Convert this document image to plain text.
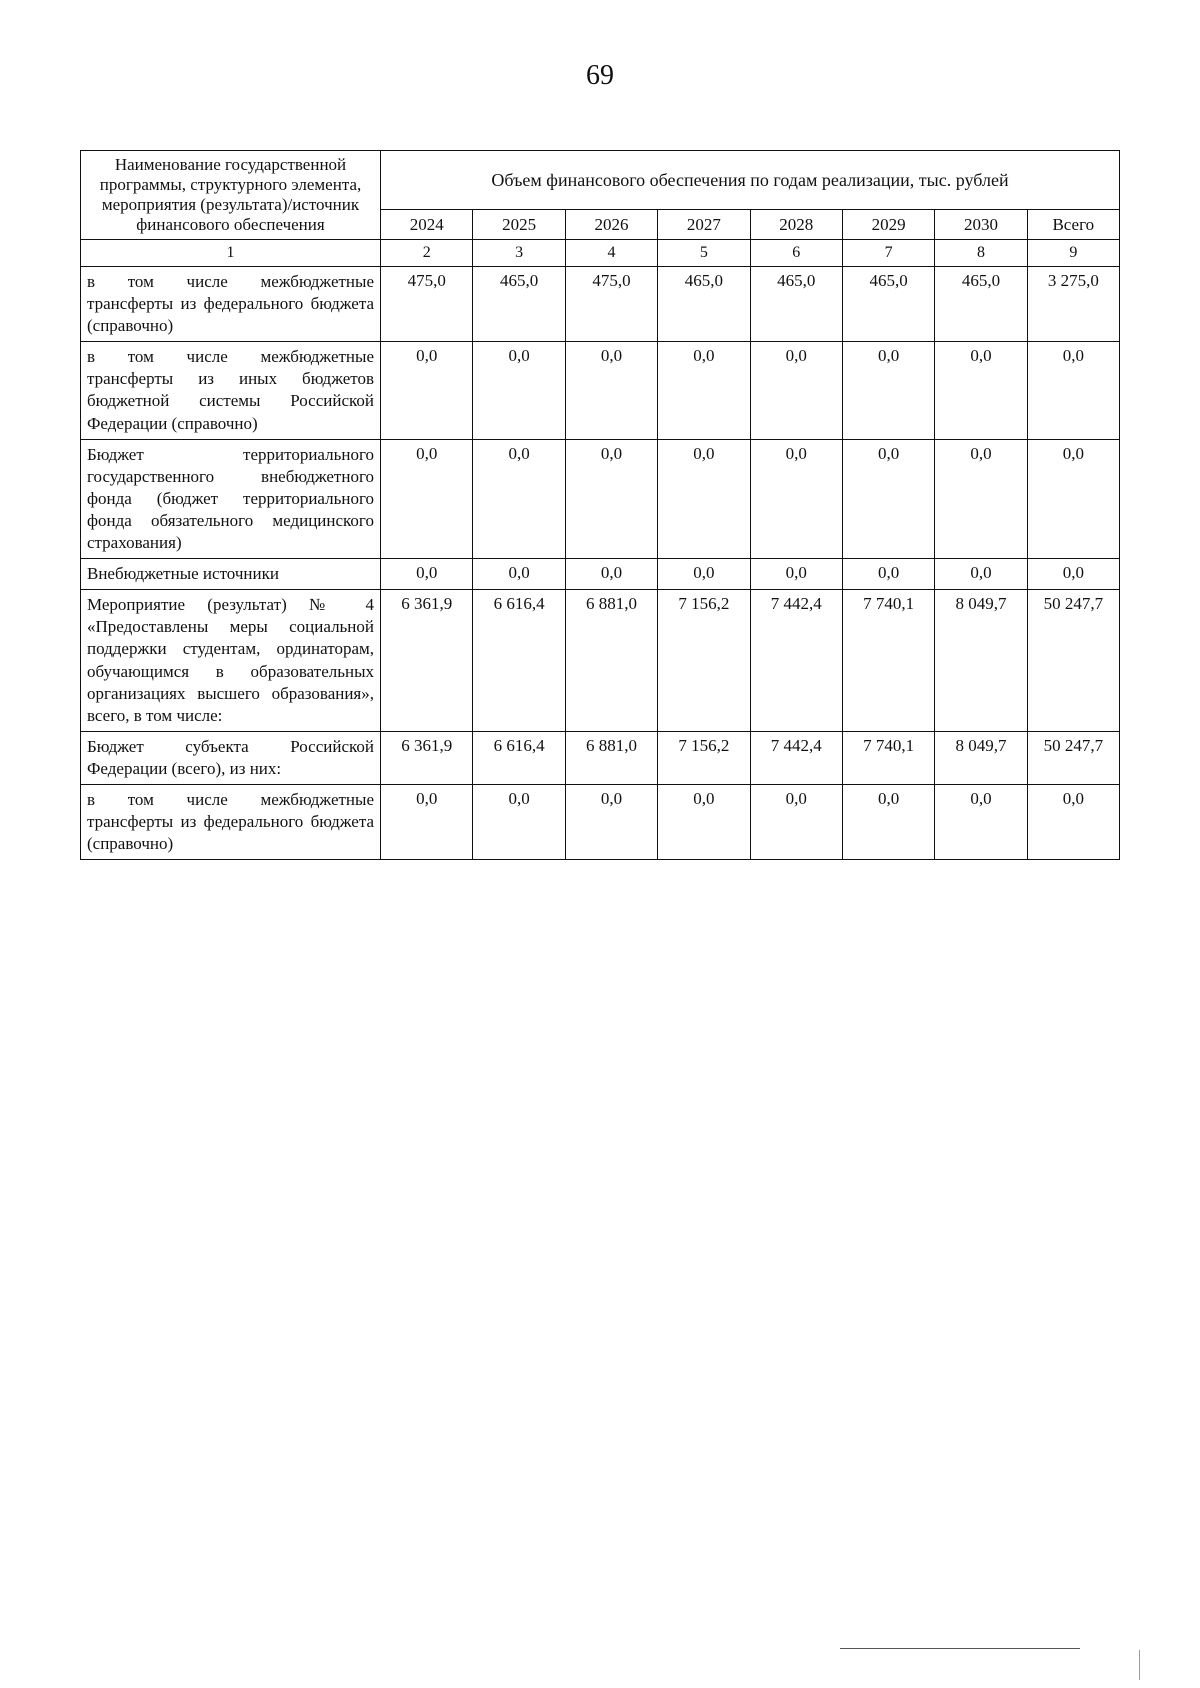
69
Наименование государственной программы, структурного элемента, мероприятия (результата)/источник финансового обеспечения	Объем финансового обеспечения по годам реализации, тыс. рублей							
	2024	2025	2026	2027	2028	2029	2030	Всего
1	2	3	4	5	6	7	8	9
в том числе межбюджетные трансферты из федерального бюджета (справочно)	475,0	465,0	475,0	465,0	465,0	465,0	465,0	3 275,0
в том числе межбюджетные трансферты из иных бюджетов бюджетной системы Российской Федерации (справочно)	0,0	0,0	0,0	0,0	0,0	0,0	0,0	0,0
Бюджет территориального государственного внебюджетного фонда (бюджет территориального фонда обязательного медицинского страхования)	0,0	0,0	0,0	0,0	0,0	0,0	0,0	0,0
Внебюджетные источники	0,0	0,0	0,0	0,0	0,0	0,0	0,0	0,0
Мероприятие (результат) № 4 «Предоставлены меры социальной поддержки студентам, ординаторам, обучающимся в образовательных организациях высшего образования», всего, в том числе:	6 361,9	6 616,4	6 881,0	7 156,2	7 442,4	7 740,1	8 049,7	50 247,7
Бюджет субъекта Российской Федерации (всего), из них:	6 361,9	6 616,4	6 881,0	7 156,2	7 442,4	7 740,1	8 049,7	50 247,7
в том числе межбюджетные трансферты из федерального бюджета (справочно)	0,0	0,0	0,0	0,0	0,0	0,0	0,0	0,0
